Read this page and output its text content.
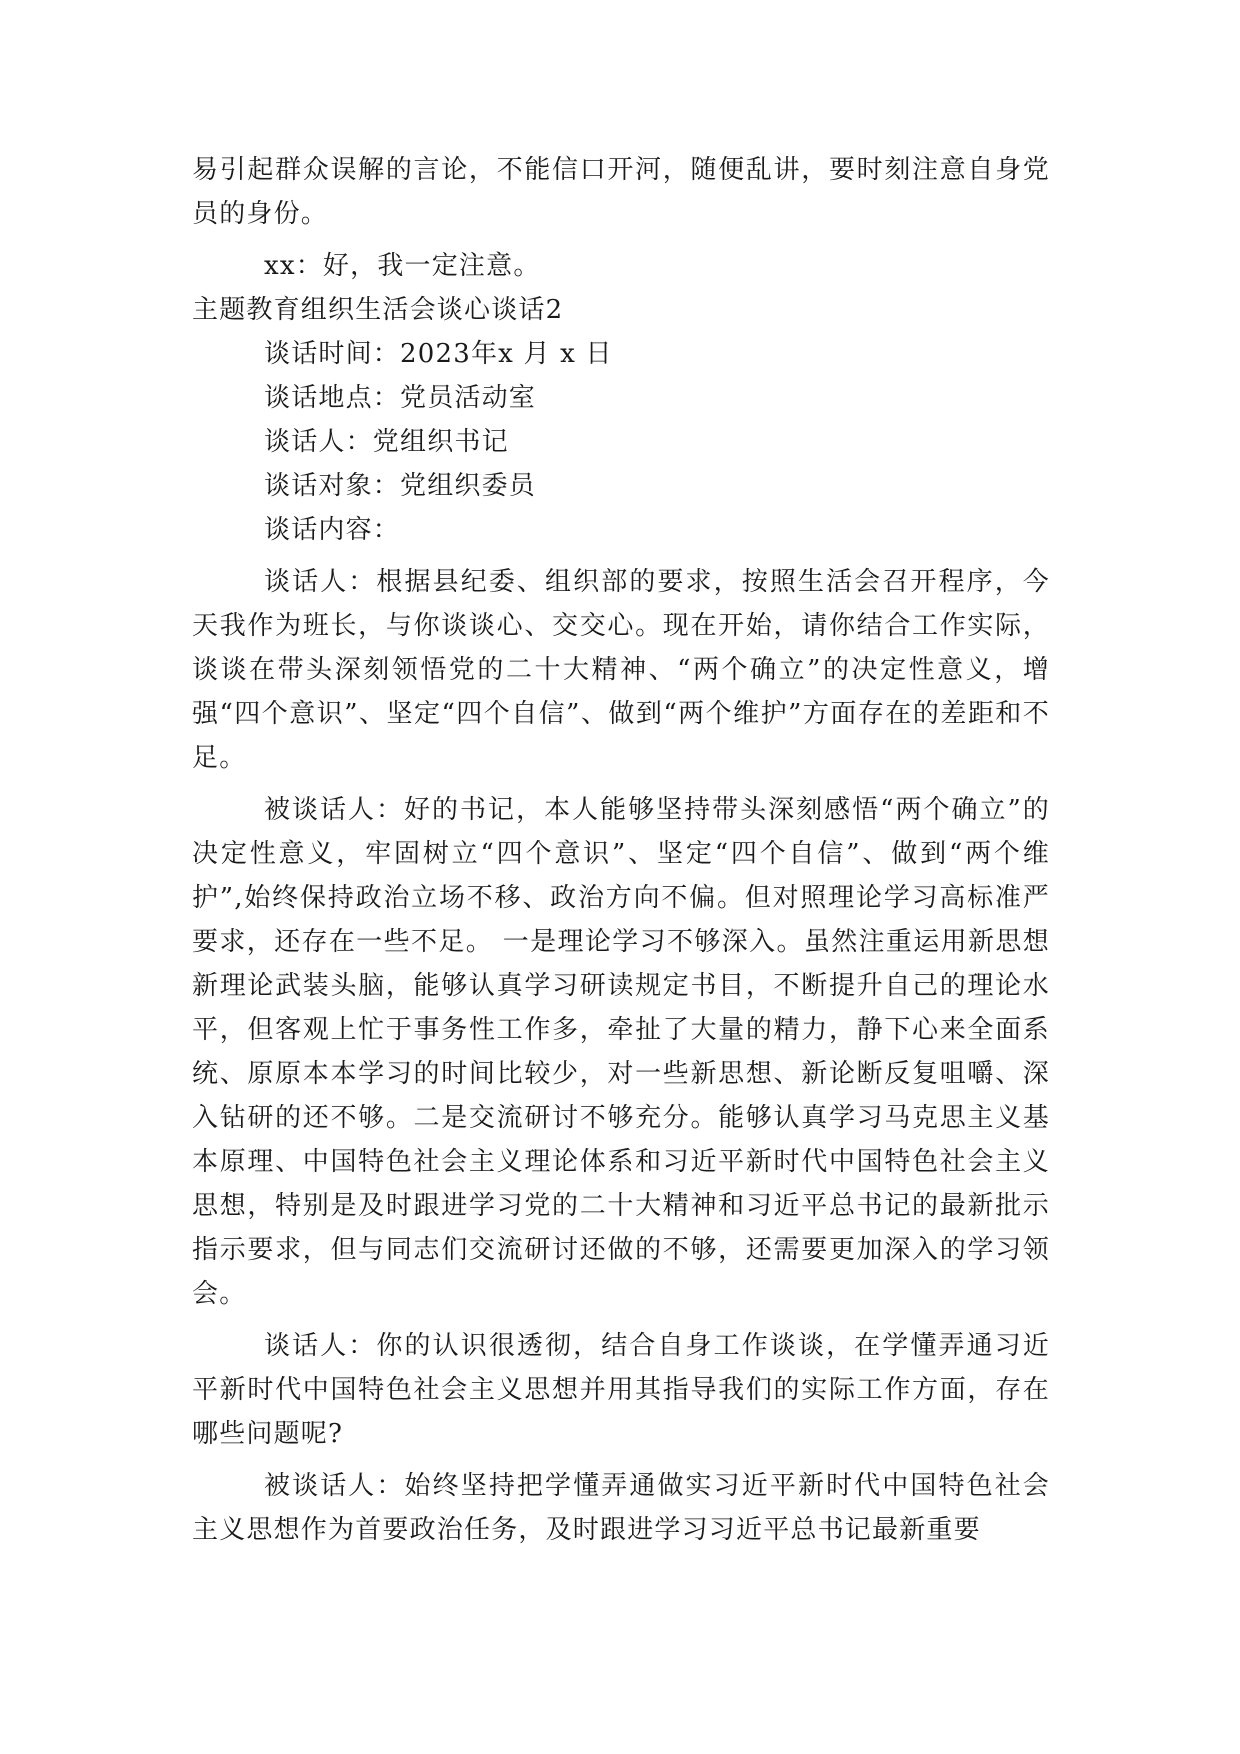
易引起群众误解的言论，不能信口开河，随便乱讲，要时刻注意自身党员的身份。

xx：好，我一定注意。

主题教育组织生活会谈心谈话2

谈话时间：2023年x 月 x 日

谈话地点：党员活动室

谈话人：党组织书记

谈话对象：党组织委员

谈话内容：

谈话人：根据县纪委、组织部的要求，按照生活会召开程序，今天我作为班长，与你谈谈心、交交心。现在开始，请你结合工作实际，谈谈在带头深刻领悟党的二十大精神、“两个确立”的决定性意义，增强“四个意识”、坚定“四个自信”、做到“两个维护”方面存在的差距和不足。

被谈话人：好的书记，本人能够坚持带头深刻感悟“两个确立”的决定性意义，牢固树立“四个意识”、坚定“四个自信”、做到“两个维护”,始终保持政治立场不移、政治方向不偏。但对照理论学习高标准严要求，还存在一些不足。 一是理论学习不够深入。虽然注重运用新思想新理论武装头脑，能够认真学习研读规定书目，不断提升自己的理论水平，但客观上忙于事务性工作多，牵扯了大量的精力，静下心来全面系统、原原本本学习的时间比较少，对一些新思想、新论断反复咀嚼、深入钻研的还不够。二是交流研讨不够充分。能够认真学习马克思主义基本原理、中国特色社会主义理论体系和习近平新时代中国特色社会主义思想，特别是及时跟进学习党的二十大精神和习近平总书记的最新批示指示要求，但与同志们交流研讨还做的不够，还需要更加深入的学习领会。

谈话人：你的认识很透彻，结合自身工作谈谈，在学懂弄通习近平新时代中国特色社会主义思想并用其指导我们的实际工作方面，存在哪些问题呢?

被谈话人：始终坚持把学懂弄通做实习近平新时代中国特色社会主义思想作为首要政治任务，及时跟进学习习近平总书记最新重要
